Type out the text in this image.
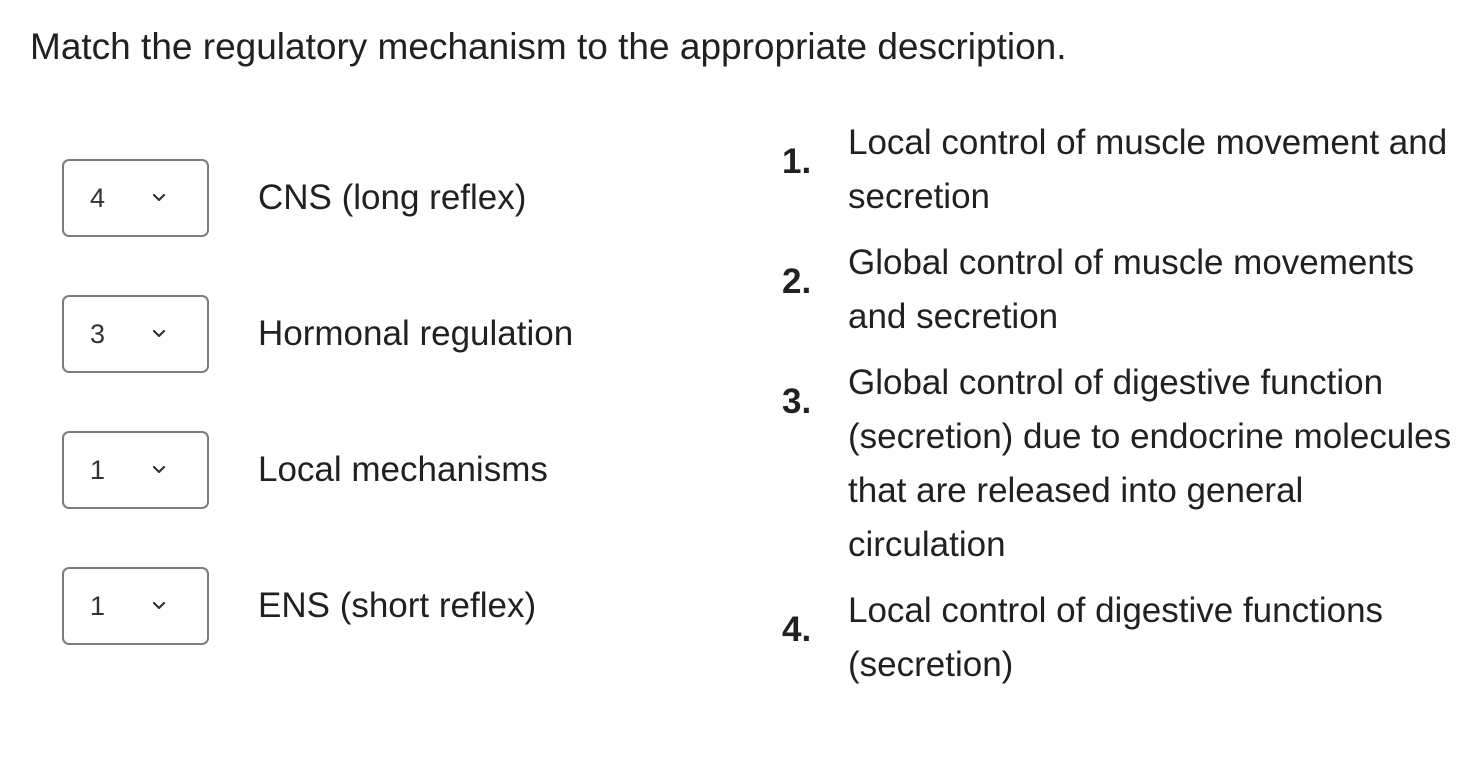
Match the regulatory mechanism to the appropriate description.
4	CNS (long reflex)
3	Hormonal regulation
1	Local mechanisms
1	ENS (short reflex)
1.	Local control of muscle movement and secretion
2.	Global control of muscle movements and secretion
3.	Global control of digestive function (secretion) due to endocrine molecules that are released into general circulation
4.	Local control of digestive functions (secretion)
